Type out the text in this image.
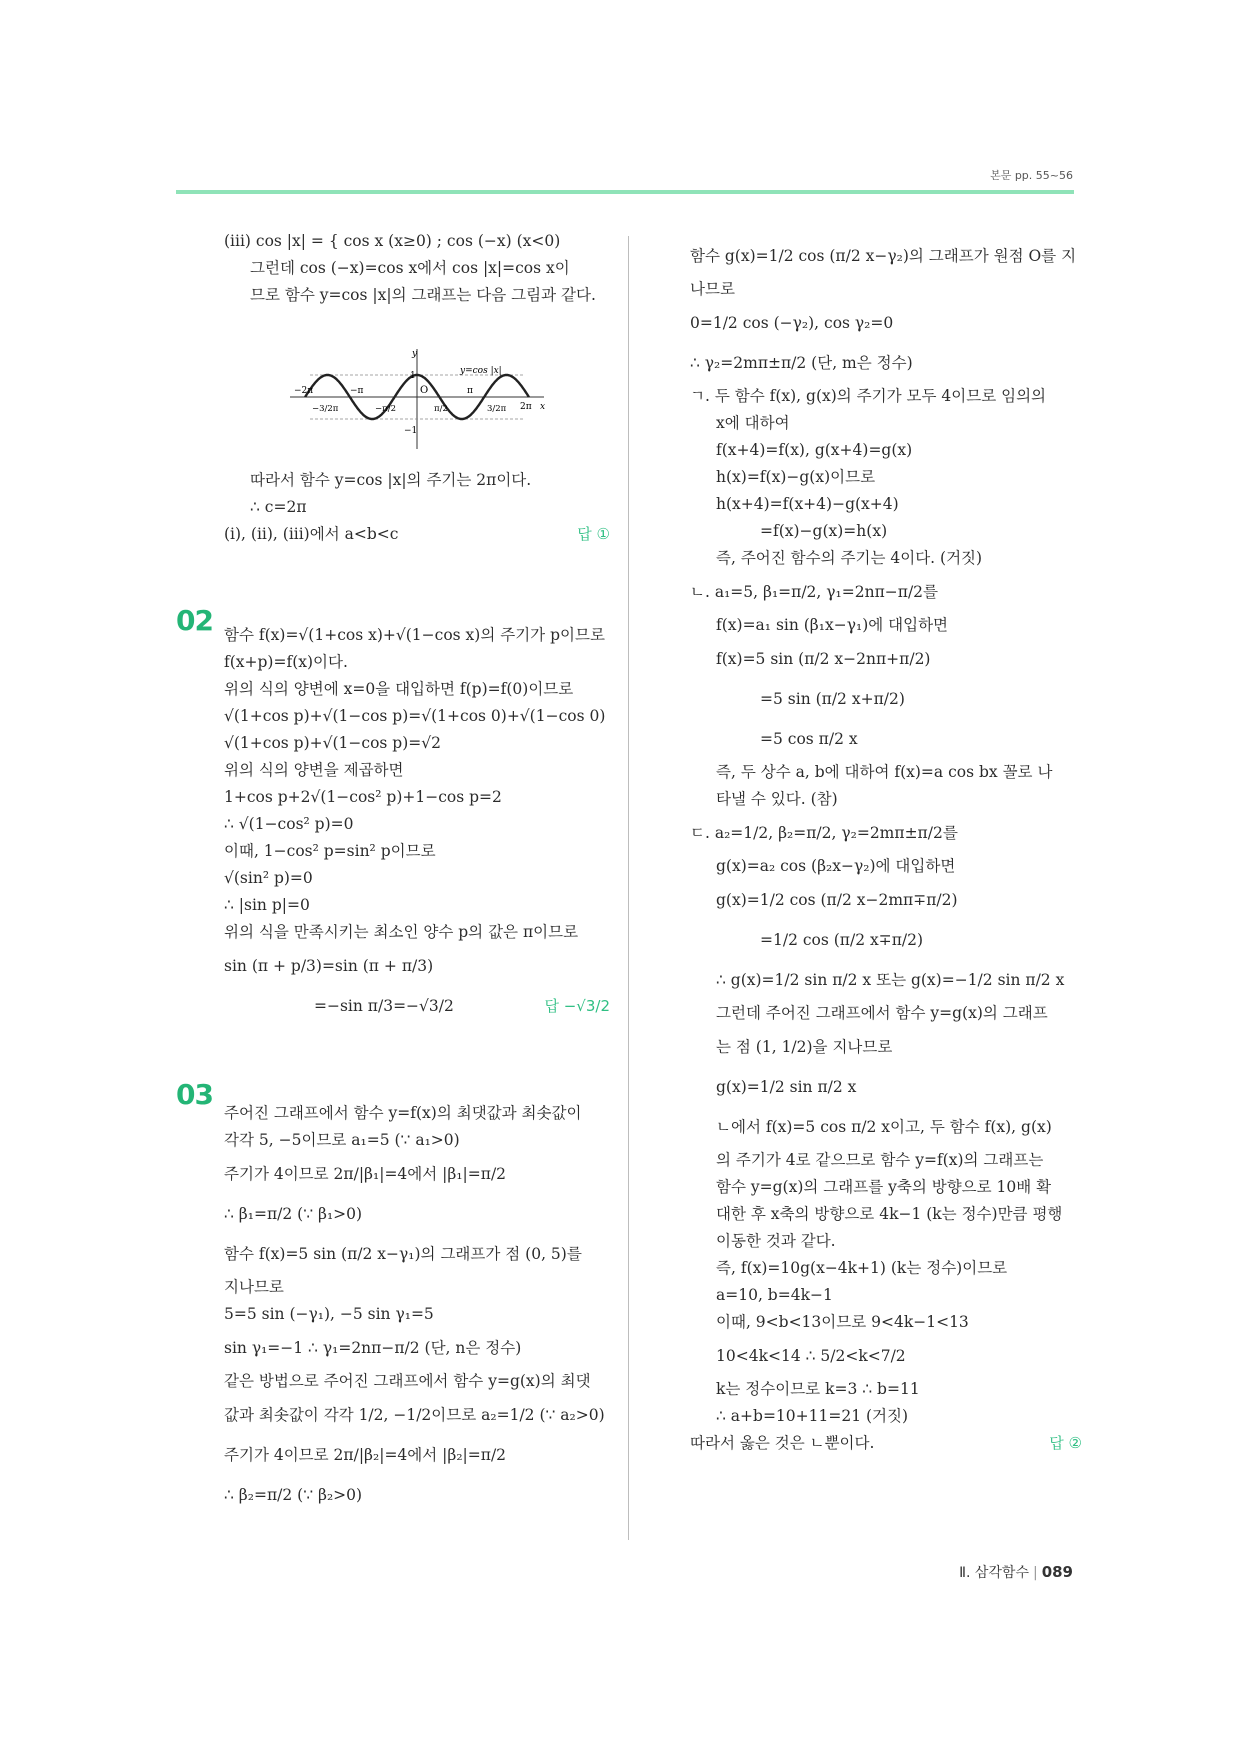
본문 pp. 55~56
(iii) cos |x| = { cos x (x≥0) ; cos (−x) (x<0)
그런데 cos (−x)=cos x에서 cos |x|=cos x이
므로 함수 y=cos |x|의 그래프는 다음 그림과 같다.
따라서 함수 y=cos |x|의 주기는 2π이다.
∴ c=2π
(i), (ii), (iii)에서 a<b<c	답 ①
함수 f(x)=√(1+cos x)+√(1−cos x)의 주기가 p이므로
f(x+p)=f(x)이다.
위의 식의 양변에 x=0을 대입하면 f(p)=f(0)이므로
√(1+cos p)+√(1−cos p)=√(1+cos 0)+√(1−cos 0)
√(1+cos p)+√(1−cos p)=√2
위의 식의 양변을 제곱하면
1+cos p+2√(1−cos² p)+1−cos p=2
∴ √(1−cos² p)=0
이때, 1−cos² p=sin² p이므로
√(sin² p)=0
∴ |sin p|=0
위의 식을 만족시키는 최소인 양수 p의 값은 π이므로
sin (π + p/3)=sin (π + π/3)
=−sin π/3=−√3/2	답 −√3/2
주어진 그래프에서 함수 y=f(x)의 최댓값과 최솟값이
각각 5, −5이므로 a₁=5 (∵ a₁>0)
주기가 4이므로 2π/|β₁|=4에서 |β₁|=π/2
∴ β₁=π/2 (∵ β₁>0)
함수 f(x)=5 sin (π/2 x−γ₁)의 그래프가 점 (0, 5)를
지나므로
5=5 sin (−γ₁), −5 sin γ₁=5
sin γ₁=−1 ∴ γ₁=2nπ−π/2 (단, n은 정수)
같은 방법으로 주어진 그래프에서 함수 y=g(x)의 최댓
값과 최솟값이 각각 1/2, −1/2이므로 a₂=1/2 (∵ a₂>0)
주기가 4이므로 2π/|β₂|=4에서 |β₂|=π/2
∴ β₂=π/2 (∵ β₂>0)
02
03
y
x
O
1
−1
y=cos |x|
−2π	−π	π
2π
−3/2π	−π/2	π/2	3/2π
함수 g(x)=1/2 cos (π/2 x−γ₂)의 그래프가 원점 O를 지
나므로
0=1/2 cos (−γ₂), cos γ₂=0
∴ γ₂=2mπ±π/2 (단, m은 정수)
ㄱ. 두 함수 f(x), g(x)의 주기가 모두 4이므로 임의의
x에 대하여
f(x+4)=f(x), g(x+4)=g(x)
h(x)=f(x)−g(x)이므로
h(x+4)=f(x+4)−g(x+4)
=f(x)−g(x)=h(x)
즉, 주어진 함수의 주기는 4이다. (거짓)
ㄴ. a₁=5, β₁=π/2, γ₁=2nπ−π/2를
f(x)=a₁ sin (β₁x−γ₁)에 대입하면
f(x)=5 sin (π/2 x−2nπ+π/2)
=5 sin (π/2 x+π/2)
=5 cos π/2 x
즉, 두 상수 a, b에 대하여 f(x)=a cos bx 꼴로 나
타낼 수 있다. (참)
ㄷ. a₂=1/2, β₂=π/2, γ₂=2mπ±π/2를
g(x)=a₂ cos (β₂x−γ₂)에 대입하면
g(x)=1/2 cos (π/2 x−2mπ∓π/2)
=1/2 cos (π/2 x∓π/2)
∴ g(x)=1/2 sin π/2 x 또는 g(x)=−1/2 sin π/2 x
그런데 주어진 그래프에서 함수 y=g(x)의 그래프
는 점 (1, 1/2)을 지나므로
g(x)=1/2 sin π/2 x
ㄴ에서 f(x)=5 cos π/2 x이고, 두 함수 f(x), g(x)
의 주기가 4로 같으므로 함수 y=f(x)의 그래프는
함수 y=g(x)의 그래프를 y축의 방향으로 10배 확
대한 후 x축의 방향으로 4k−1 (k는 정수)만큼 평행
이동한 것과 같다.
즉, f(x)=10g(x−4k+1) (k는 정수)이므로
a=10, b=4k−1
이때, 9<b<13이므로 9<4k−1<13
10<4k<14 ∴ 5/2<k<7/2
k는 정수이므로 k=3 ∴ b=11
∴ a+b=10+11=21 (거짓)
따라서 옳은 것은 ㄴ뿐이다.	답 ②
Ⅱ. 삼각함수 | 089
